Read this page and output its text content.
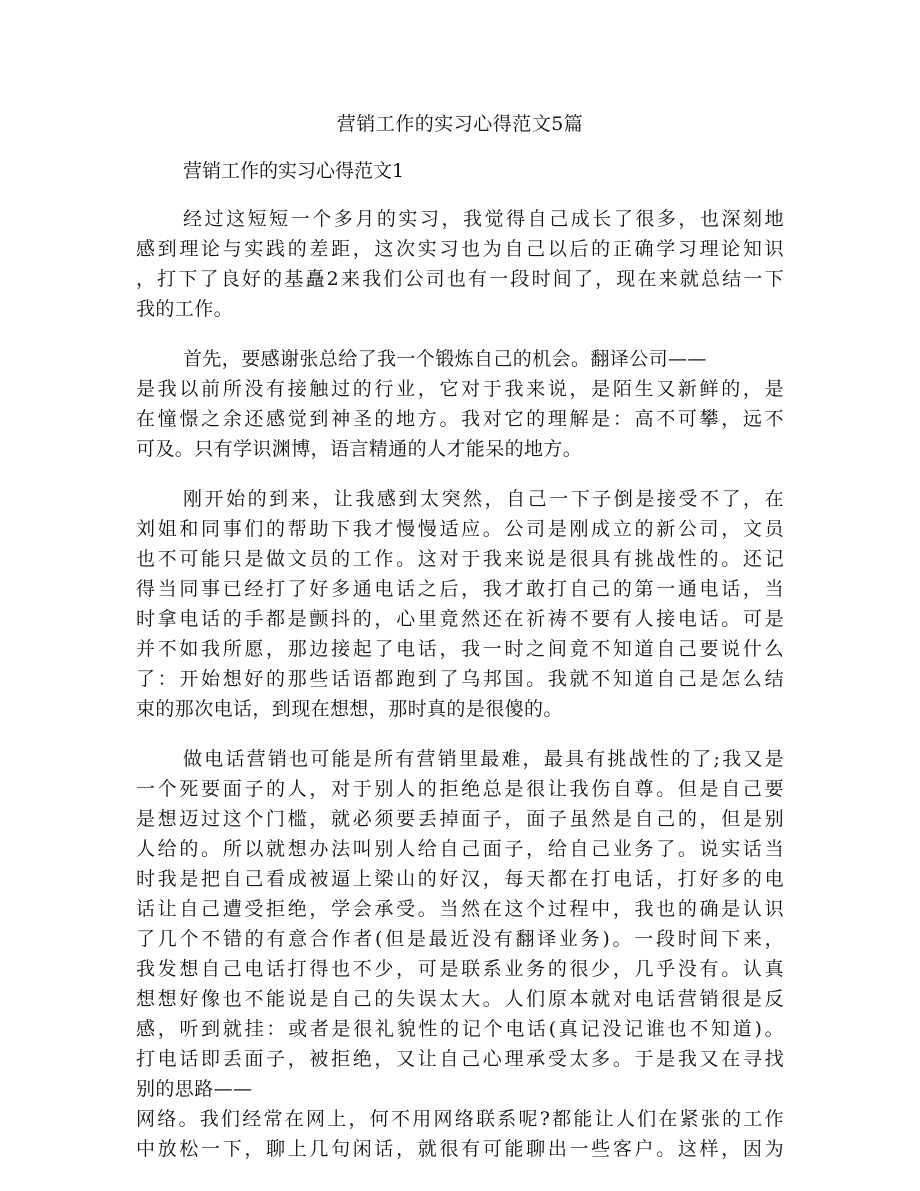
营销工作的实习心得范文5篇
营销工作的实习心得范文1
经过这短短一个多月的实习，我觉得自己成长了很多，也深刻地
感到理论与实践的差距，这次实习也为自己以后的正确学习理论知识
，打下了良好的基矗2来我们公司也有一段时间了，现在来就总结一下
我的工作。
首先，要感谢张总给了我一个锻炼自己的机会。翻译公司——
是我以前所没有接触过的行业，它对于我来说，是陌生又新鲜的，是
在憧憬之余还感觉到神圣的地方。我对它的理解是：高不可攀，远不
可及。只有学识渊博，语言精通的人才能呆的地方。
刚开始的到来，让我感到太突然，自己一下子倒是接受不了，在
刘姐和同事们的帮助下我才慢慢适应。公司是刚成立的新公司，文员
也不可能只是做文员的工作。这对于我来说是很具有挑战性的。还记
得当同事已经打了好多通电话之后，我才敢打自己的第一通电话，当
时拿电话的手都是颤抖的，心里竟然还在祈祷不要有人接电话。可是
并不如我所愿，那边接起了电话，我一时之间竟不知道自己要说什么
了：开始想好的那些话语都跑到了乌邦国。我就不知道自己是怎么结
束的那次电话，到现在想想，那时真的是很傻的。
做电话营销也可能是所有营销里最难，最具有挑战性的了;我又是
一个死要面子的人，对于别人的拒绝总是很让我伤自尊。但是自己要
是想迈过这个门槛，就必须要丢掉面子，面子虽然是自己的，但是别
人给的。所以就想办法叫别人给自己面子，给自己业务了。说实话当
时我是把自己看成被逼上梁山的好汉，每天都在打电话，打好多的电
话让自己遭受拒绝，学会承受。当然在这个过程中，我也的确是认识
了几个不错的有意合作者(但是最近没有翻译业务)。一段时间下来，
我发想自己电话打得也不少，可是联系业务的很少，几乎没有。认真
想想好像也不能说是自己的失误太大。人们原本就对电话营销很是反
感，听到就挂：或者是很礼貌性的记个电话(真记没记谁也不知道)。
打电话即丢面子，被拒绝，又让自己心理承受太多。于是我又在寻找
别的思路——
网络。我们经常在网上，何不用网络联系呢?都能让人们在紧张的工作
中放松一下，聊上几句闲话，就很有可能聊出一些客户。这样，因为
